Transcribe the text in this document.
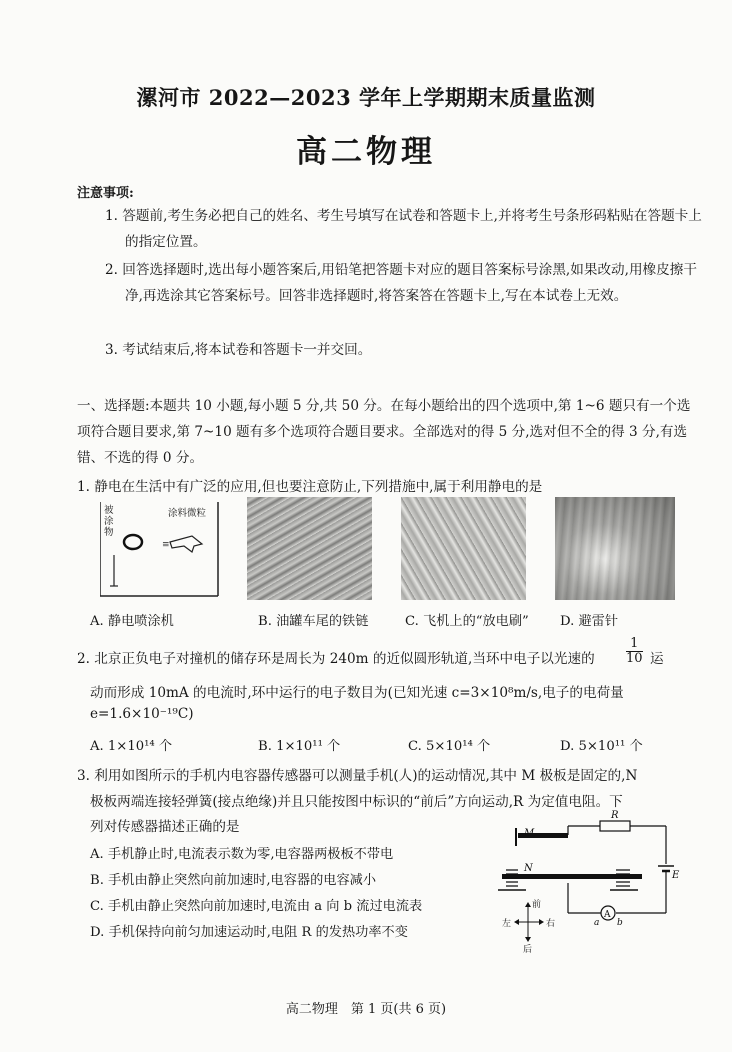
漯河市 2022—2023 学年上学期期末质量监测
高二物理
注意事项:
1. 答题前,考生务必把自己的姓名、考生号填写在试卷和答题卡上,并将考生号条形码粘贴在答题卡上的指定位置。
2. 回答选择题时,选出每小题答案后,用铅笔把答题卡对应的题目答案标号涂黑,如果改动,用橡皮擦干净,再选涂其它答案标号。回答非选择题时,将答案答在答题卡上,写在本试卷上无效。
3. 考试结束后,将本试卷和答题卡一并交回。
一、选择题:本题共 10 小题,每小题 5 分,共 50 分。在每小题给出的四个选项中,第 1~6 题只有一个选项符合题目要求,第 7~10 题有多个选项符合题目要求。全部选对的得 5 分,选对但不全的得 3 分,有选错、不选的得 0 分。
1. 静电在生活中有广泛的应用,但也要注意防止,下列措施中,属于利用静电的是
≡
被涂物
涂料微粒
A. 静电喷涂机	B. 油罐车尾的铁链	C. 飞机上的“放电刷” D. 避雷针
2. 北京正负电子对撞机的储存环是周长为 240m 的近似圆形轨道,当环中电子以光速的 $\frac{1}{10}$ 运
动而形成 10mA 的电流时,环中运行的电子数目为(已知光速 c=3×10⁸m/s,电子的电荷量
e=1.6×10⁻¹⁹C)
A. 1×10¹⁴ 个	B. 1×10¹¹ 个	C. 5×10¹⁴ 个	D. 5×10¹¹ 个
3. 利用如图所示的手机内电容器传感器可以测量手机(人)的运动情况,其中 M 极板是固定的,N
极板两端连接轻弹簧(接点绝缘)并且只能按图中标识的“前后”方向运动,R 为定值电阻。下
列对传感器描述正确的是
A. 手机静止时,电流表示数为零,电容器两极板不带电
B. 手机由静止突然向前加速时,电容器的电容减小
C. 手机由静止突然向前加速时,电流由 a 向 b 流过电流表
D. 手机保持向前匀加速运动时,电阻 R 的发热功率不变
M
N
R
E
A
a b
前
后
左	右
高二物理　第 1 页(共 6 页)
